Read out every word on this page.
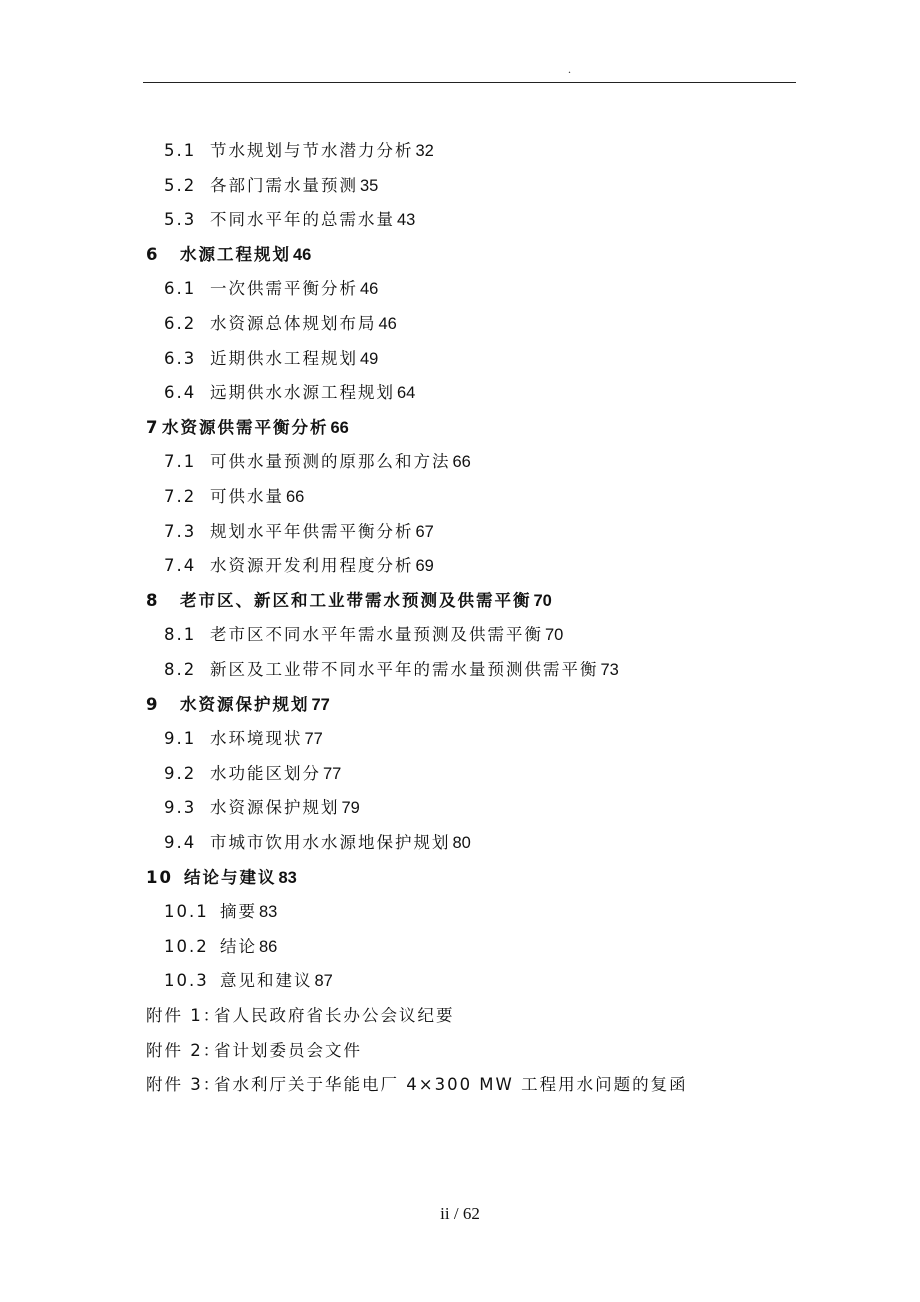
.
5.1 节水规划与节水潜力分析 32
5.2 各部门需水量预测 35
5.3 不同水平年的总需水量 43
6	水源工程规划 46
6.1 一次供需平衡分析 46
6.2 水资源总体规划布局 46
6.3 近期供水工程规划 49
6.4 远期供水水源工程规划 64
7 水资源供需平衡分析 66
7.1 可供水量预测的原那么和方法 66
7.2 可供水量 66
7.3 规划水平年供需平衡分析 67
7.4 水资源开发利用程度分析 69
8	老市区、新区和工业带需水预测及供需平衡 70
8.1 老市区不同水平年需水量预测及供需平衡 70
8.2 新区及工业带不同水平年的需水量预测供需平衡 73
9	水资源保护规划 77
9.1 水环境现状 77
9.2 水功能区划分 77
9.3 水资源保护规划 79
9.4 市城市饮用水水源地保护规划 80
10 结论与建议 83
10.1 摘要 83
10.2 结论 86
10.3 意见和建议 87
附件 1：
省人民政府省长办公会议纪要
附件 2：
省计划委员会文件
附件 3：
省水利厅关于华能电厂 4×300 MW 工程用水问题的复函
ii / 62
